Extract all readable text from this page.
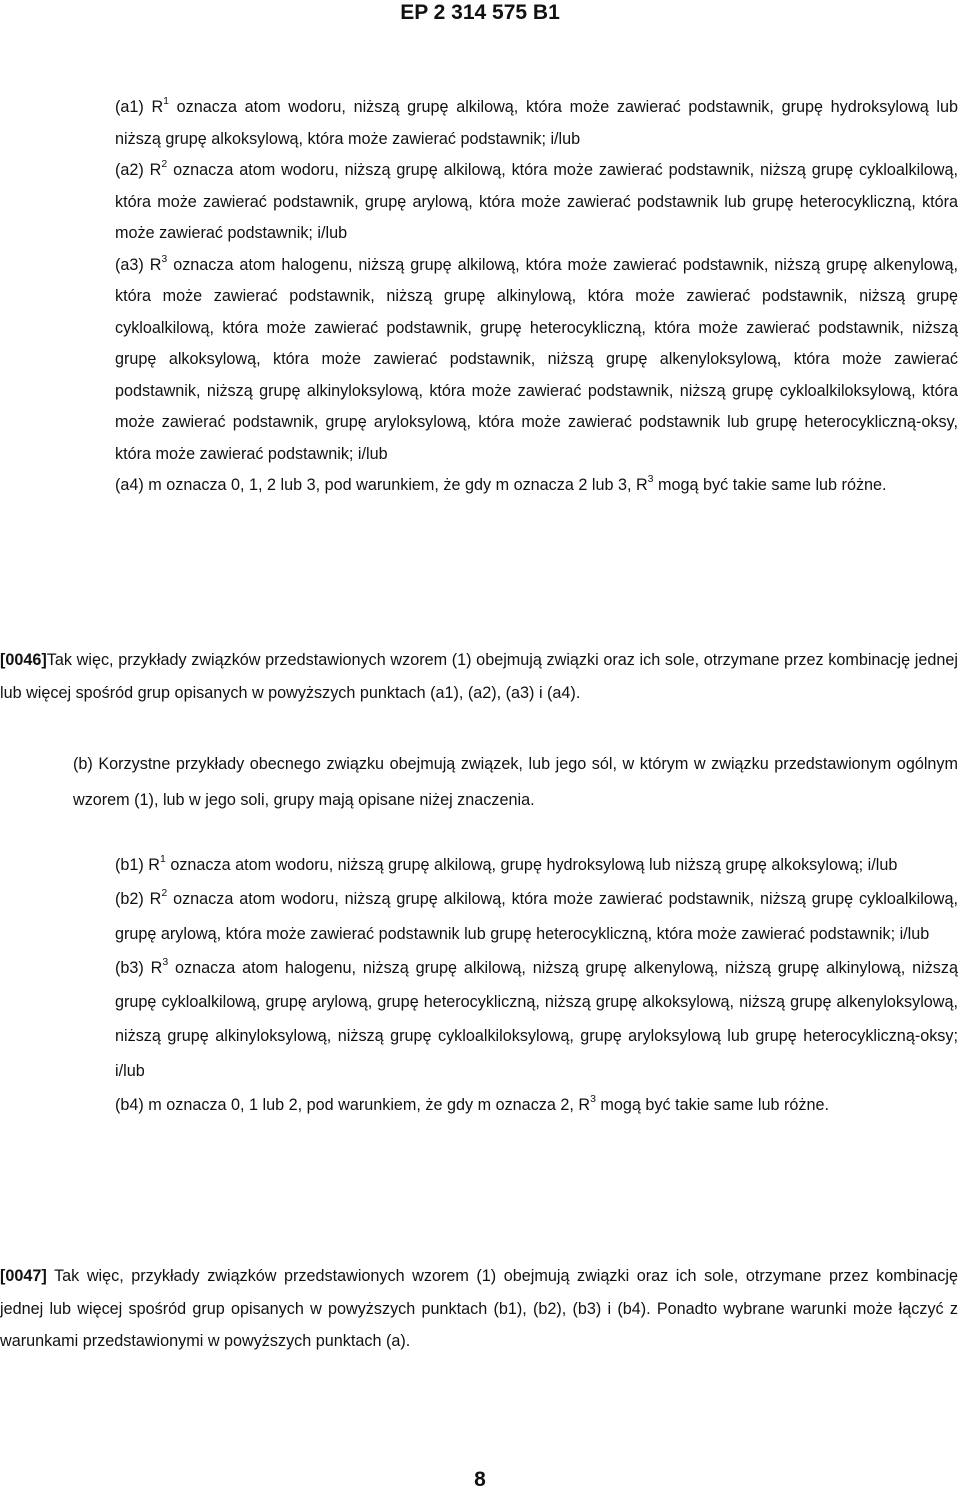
EP 2 314 575 B1

(a1) $R^1$ oznacza atom wodoru, niższą grupę alkilową, która może zawierać podstawnik, grupę hydroksylową lub niższą grupę alkoksylową, która może zawierać podstawnik; i/lub

(a2) $R^2$ oznacza atom wodoru, niższą grupę alkilową, która może zawierać podstawnik, niższą grupę cykloalkilową, która może zawierać podstawnik, grupę arylową, która może zawierać podstawnik lub grupę heterocykliczną, która może zawierać podstawnik; i/lub

(a3) $R^3$ oznacza atom halogenu, niższą grupę alkilową, która może zawierać podstawnik, niższą grupę alkenylową, która może zawierać podstawnik, niższą grupę alkinylową, która może zawierać podstawnik, niższą grupę cykloalkilową, która może zawierać podstawnik, grupę heterocykliczną, która może zawierać podstawnik, niższą grupę alkoksylową, która może zawierać podstawnik, niższą grupę alkenyloksylową, która może zawierać podstawnik, niższą grupę alkinyloksylową, która może zawierać podstawnik, niższą grupę cykloalkiloksylową, która może zawierać podstawnik, grupę aryloksylową, która może zawierać podstawnik lub grupę heterocykliczną-oksy, która może zawierać podstawnik; i/lub

(a4) m oznacza 0, 1, 2 lub 3, pod warunkiem, że gdy m oznacza 2 lub 3, $R^3$ mogą być takie same lub różne.

[0046]Tak więc, przykłady związków przedstawionych wzorem (1) obejmują związki oraz ich sole, otrzymane przez kombinację jednej lub więcej spośród grup opisanych w powyższych punktach (a1), (a2), (a3) i (a4).

(b) Korzystne przykłady obecnego związku obejmują związek, lub jego sól, w którym w związku przedstawionym ogólnym wzorem (1), lub w jego soli, grupy mają opisane niżej znaczenia.

(b1) $R^1$ oznacza atom wodoru, niższą grupę alkilową, grupę hydroksylową lub niższą grupę alkoksylową; i/lub

(b2) $R^2$ oznacza atom wodoru, niższą grupę alkilową, która może zawierać podstawnik, niższą grupę cykloalkilową, grupę arylową, która może zawierać podstawnik lub grupę heterocykliczną, która może zawierać podstawnik; i/lub

(b3) $R^3$ oznacza atom halogenu, niższą grupę alkilową, niższą grupę alkenylową, niższą grupę alkinylową, niższą grupę cykloalkilową, grupę arylową, grupę heterocykliczną, niższą grupę alkoksylową, niższą grupę alkenyloksylową, niższą grupę alkinyloksylową, niższą grupę cykloalkiloksylową, grupę aryloksylową lub grupę heterocykliczną-oksy; i/lub

(b4) m oznacza 0, 1 lub 2, pod warunkiem, że gdy m oznacza 2, $R^3$ mogą być takie same lub różne.

[0047] Tak więc, przykłady związków przedstawionych wzorem (1) obejmują związki oraz ich sole, otrzymane przez kombinację jednej lub więcej spośród grup opisanych w powyższych punktach (b1), (b2), (b3) i (b4). Ponadto wybrane warunki może łączyć z warunkami przedstawionymi w powyższych punktach (a).

8
